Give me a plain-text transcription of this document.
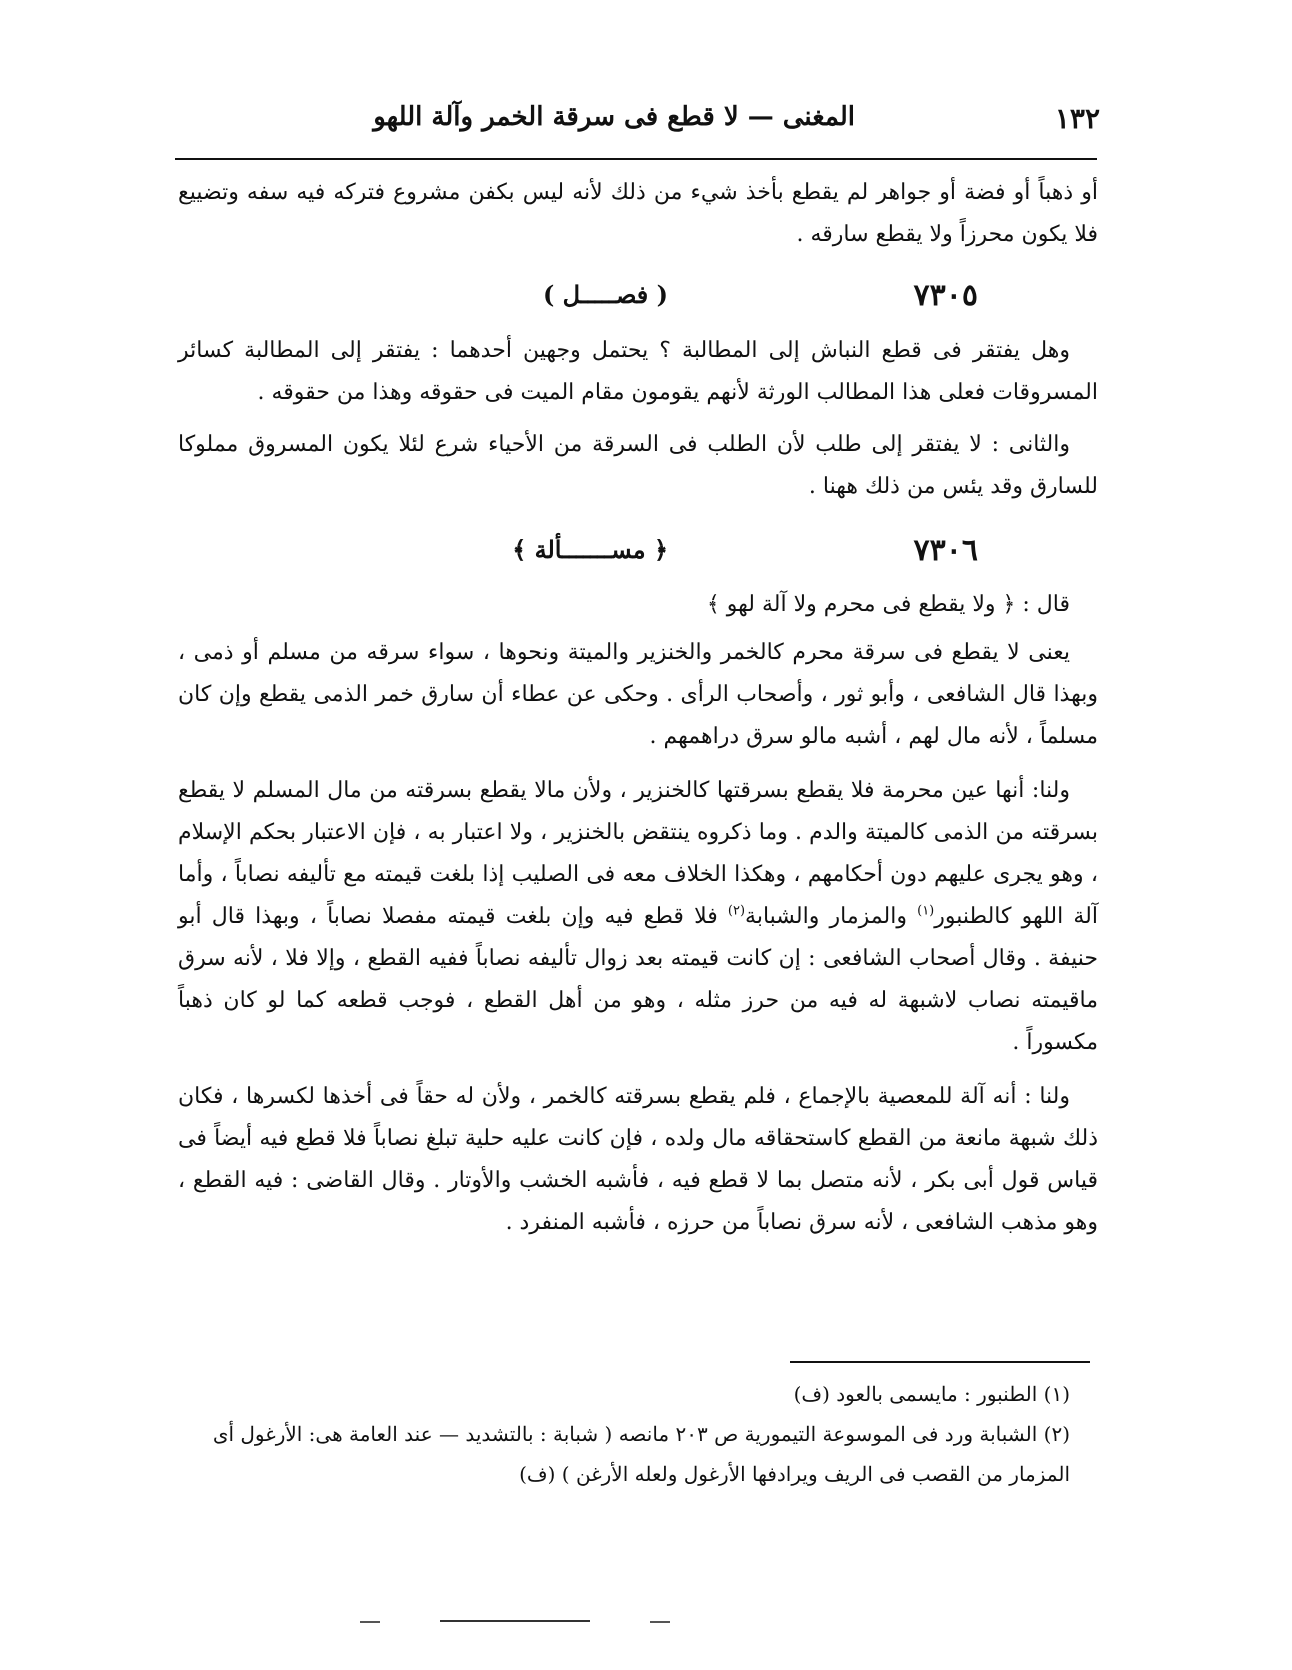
١٣٢
المغنى — لا قطع فى سرقة الخمر وآلة اللهو

أو ذهباً أو فضة أو جواهر لم يقطع بأخذ شيء من ذلك لأنه ليس بكفن مشروع فتركه فيه سفه وتضييع فلا يكون محرزاً ولا يقطع سارقه .

٧٣٠٥
( فصـــــل )

وهل يفتقر فى قطع النباش إلى المطالبة ؟ يحتمل وجهين أحدهما : يفتقر إلى المطالبة كسائر المسروقات فعلى هذا المطالب الورثة لأنهم يقومون مقام الميت فى حقوقه وهذا من حقوقه .

والثانى : لا يفتقر إلى طلب لأن الطلب فى السرقة من الأحياء شرع لئلا يكون المسروق مملوكا للسارق وقد يئس من ذلك ههنا .

٧٣٠٦
﴿ مســـــــألة ﴾

قال : ﴿ ولا يقطع فى محرم ولا آلة لهو ﴾

يعنى لا يقطع فى سرقة محرم كالخمر والخنزير والميتة ونحوها ، سواء سرقه من مسلم أو ذمى ، وبهذا قال الشافعى ، وأبو ثور ، وأصحاب الرأى . وحكى عن عطاء أن سارق خمر الذمى يقطع وإن كان مسلماً ، لأنه مال لهم ، أشبه مالو سرق دراهمهم .

ولنا: أنها عين محرمة فلا يقطع بسرقتها كالخنزير ، ولأن مالا يقطع بسرقته من مال المسلم لا يقطع بسرقته من الذمى كالميتة والدم . وما ذكروه ينتقض بالخنزير ، ولا اعتبار به ، فإن الاعتبار بحكم الإسلام ، وهو يجرى عليهم دون أحكامهم ، وهكذا الخلاف معه فى الصليب إذا بلغت قيمته مع تأليفه نصاباً ، وأما آلة اللهو كالطنبور$^{(١)}$ والمزمار والشبابة$^{(٢)}$ فلا قطع فيه وإن بلغت قيمته مفصلا نصاباً ، وبهذا قال أبو حنيفة . وقال أصحاب الشافعى : إن كانت قيمته بعد زوال تأليفه نصاباً ففيه القطع ، وإلا فلا ، لأنه سرق ماقيمته نصاب لاشبهة له فيه من حرز مثله ، وهو من أهل القطع ، فوجب قطعه كما لو كان ذهباً مكسوراً .

ولنا : أنه آلة للمعصية بالإجماع ، فلم يقطع بسرقته كالخمر ، ولأن له حقاً فى أخذها لكسرها ، فكان ذلك شبهة مانعة من القطع كاستحقاقه مال ولده ، فإن كانت عليه حلية تبلغ نصاباً فلا قطع فيه أيضاً فى قياس قول أبى بكر ، لأنه متصل بما لا قطع فيه ، فأشبه الخشب والأوتار . وقال القاضى : فيه القطع ، وهو مذهب الشافعى ، لأنه سرق نصاباً من حرزه ، فأشبه المنفرد .

(١) الطنبور : مايسمى بالعود (ف)

(٢) الشبابة ورد فى الموسوعة التيمورية ص ٢٠٣ مانصه ( شبابة : بالتشديد — عند العامة هى: الأرغول أى المزمار من القصب فى الريف ويرادفها الأرغول ولعله الأرغن ) (ف)
